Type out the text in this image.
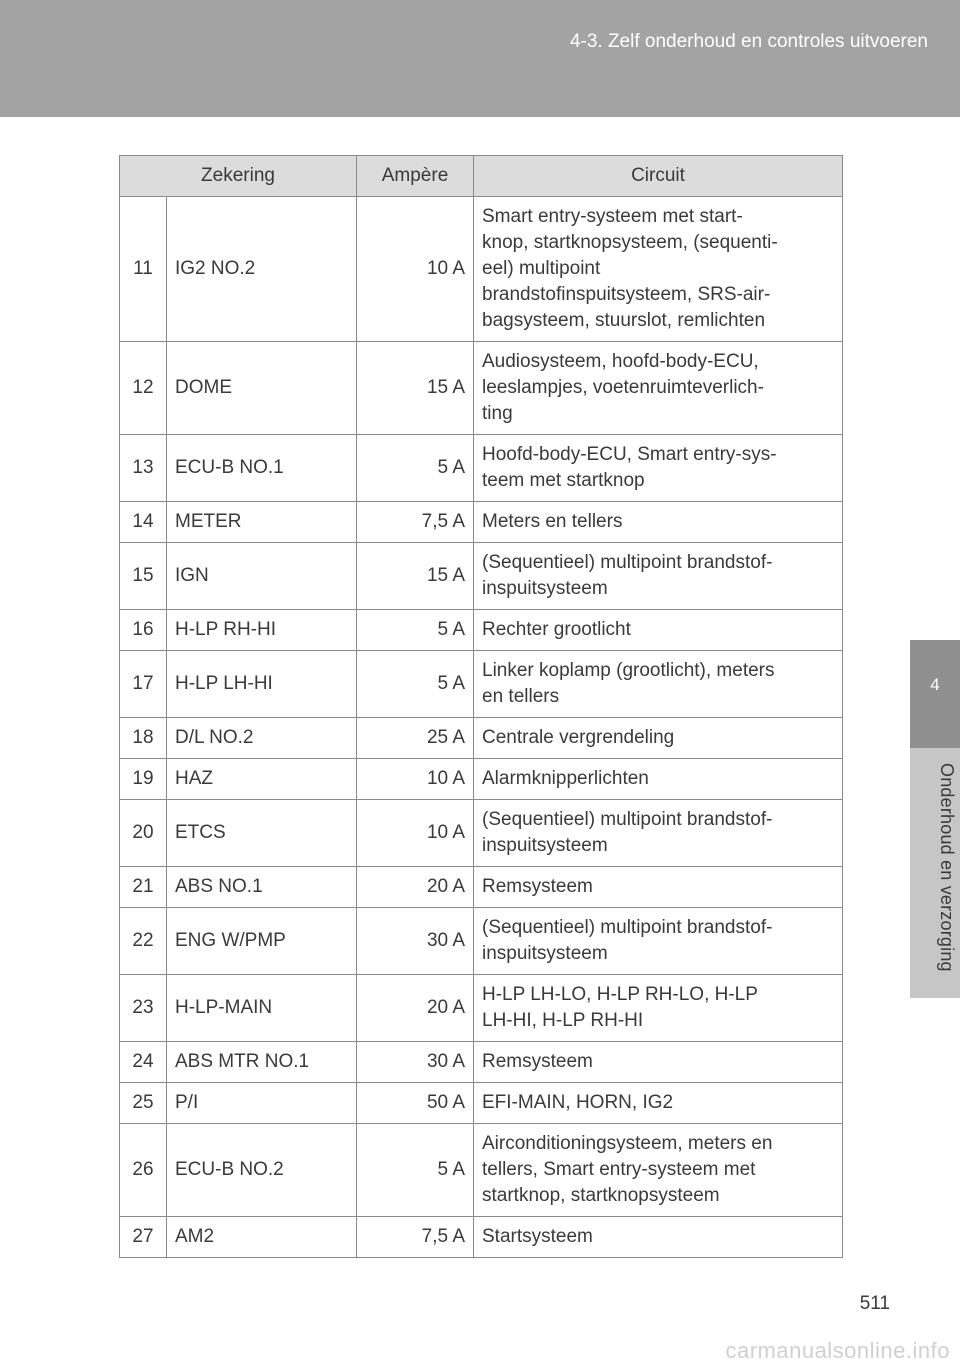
4-3. Zelf onderhoud en controles uitvoeren
4
Onderhoud en verzorging
Zekering		Ampère	Circuit
11	IG2 NO.2	10 A	Smart entry-systeem met start-
knop, startknopsysteem, (sequenti-
eel) multipoint
brandstofinspuitsysteem, SRS-air-
bagsysteem, stuurslot, remlichten

12	DOME	15 A	Audiosysteem, hoofd-body-ECU,
leeslampjes, voetenruimteverlich-
ting

13	ECU-B NO.1	5 A	Hoofd-body-ECU, Smart entry-sys-
teem met startknop

14	METER	7,5 A	Meters en tellers

15	IGN	15 A	(Sequentieel) multipoint brandstof-
inspuitsysteem

16	H-LP RH-HI	5 A	Rechter grootlicht

17	H-LP LH-HI	5 A	Linker koplamp (grootlicht), meters
en tellers

18	D/L NO.2	25 A	Centrale vergrendeling

19	HAZ	10 A	Alarmknipperlichten

20	ETCS	10 A	(Sequentieel) multipoint brandstof-
inspuitsysteem

21	ABS NO.1	20 A	Remsysteem

22	ENG W/PMP	30 A	(Sequentieel) multipoint brandstof-
inspuitsysteem

23	H-LP-MAIN	20 A	H-LP LH-LO, H-LP RH-LO, H-LP
LH-HI, H-LP RH-HI

24	ABS MTR NO.1	30 A	Remsysteem

25	P/I	50 A	EFI-MAIN, HORN, IG2

26	ECU-B NO.2	5 A	Airconditioningsysteem, meters en
tellers, Smart entry-systeem met
startknop, startknopsysteem

27	AM2	7,5 A	Startsysteem
511
carmanualsonline.info
